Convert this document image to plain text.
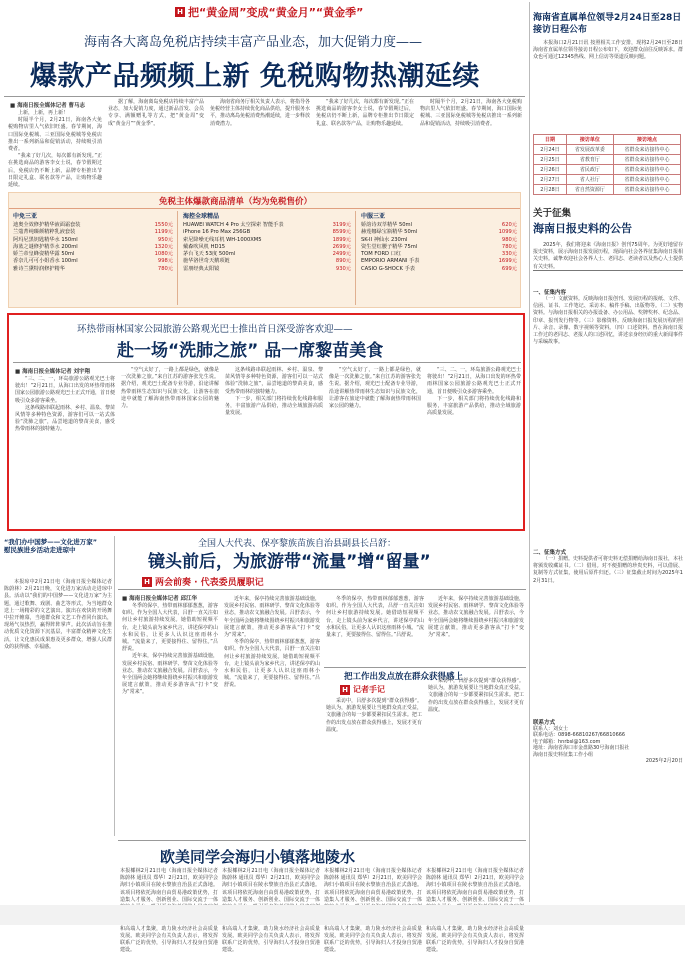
H 把“黄金周”变成“黄金月”“黄金季”
海南各大离岛免税店持续丰富产品业态，加大促销力度——
爆款产品频频上新 免税购物热潮延续
■ 海南日报全媒体记者 曹马志

上新，上新，再上新！

时隔半个月，2月21日，海南各大免税购物店里人气依旧旺盛。春节期间，海口国际免税城、三亚国际免税城等免税店推出一系列新品和促销活动，持续吸引消费者。

“我来了好几次，每次都有新发现。”正在挑选商品的游客李女士说，春节假期过后，免税店仍不断上新，品牌专柜推出节日限定礼盒、联名款等产品，让购物乐趣延续。

据了解，海南离岛免税店持续丰富产品业态，加大促销力度，通过新品首发、会员专享、满额赠礼等方式，把“黄金周”变成“黄金月”“黄金季”。

海南省商务厅相关负责人表示，将指导各免税经营主体持续优化商品供给，提升服务水平，推动离岛免税消费热潮延续，进一步释放消费潜力。

“我来了好几次，每次都有新发现。”正在挑选商品的游客李女士说，春节假期过后，免税店仍不断上新，品牌专柜推出节日限定礼盒、联名款等产品，让购物乐趣延续。

时隔半个月，2月21日，海南各大免税购物店里人气依旧旺盛。春节期间，海口国际免税城、三亚国际免税城等免税店推出一系列新品和促销活动，持续吸引消费者。

免税主体爆款商品清单（均为免税售价）
中免三亚
迪奥全效修护精华液面霜套装	1550元
兰蔻菁纯臻颜精粹乳液套装	1199元
阿玛尼黑钥匙精华水 150ml	950元
海蓝之谜修护精萃水 200ml	1320元
娇兰帝皇蜂姿精华露 50ml	1080元
香奈儿可可小姐香水 100ml	998元
雅诗兰黛特润修护精华	780元
海控全球精品
HUAWEI WATCH 4 Pro 太空探索 智能手表	3199元
iPhone 16 Pro Max 256GB	8599元
索尼降噪无线耳机 WH-1000XM5	1899元
戴森吹风机 HD15	2699元
茅台飞天 53度 500ml	2499元
施华洛世奇天鹅项链	890元
雷朋经典太阳镜	930元
中服三亚
娇韵诗双萃精华 50ml	620元
赫莲娜绿宝瓶精华 50ml	1099元
SK-II 神仙水 230ml	980元
资生堂红腰子精华 75ml	780元
TOM FORD 口红	330元
EMPORIO ARMANI 手表	1699元
CASIO G-SHOCK 手表	699元
海南省直属单位领导2月24日至28日接访日程公布
本报海口2月21日讯 按照相关工作安排，现将2月24日至28日海南省直属单位领导接访日程公布如下，欢迎群众前往反映诉求。群众也可通过12345热线、网上信访等渠道反映问题。
日期	接访单位	接访地点
2月24日	省发展改革委	省群众来访接待中心
2月25日	省教育厅	省群众来访接待中心
2月26日	省民政厅	省群众来访接待中心
2月27日	省人社厅	省群众来访接待中心
2月28日	省自然资源厅	省群众来访接待中心
关于征集
海南日报史料的公告
2025年，我们将迎来《海南日报》创刊75周年。为更好地留存报史资料，展示海南日报发展历程，现面向社会各界征集海南日报相关史料。诚挚欢迎社会各界人士、老同志、老读者以及热心人士提供有关史料。
一、征集内容
（一）文献资料。反映海南日报创刊、发展历程的报纸、文件、信函、证书、工作笔记、采访本、稿件手稿、出版物等。（二）实物资料。与海南日报相关的办报设备、办公用品、奖牌奖杯、纪念品、印章、报刊发行物等。（三）影像资料。反映海南日报发展历程的照片、录音、录像、数字视频等资料。（四）口述资料。曾在海南日报工作过的老同志、老报人的口述回忆，讲述亲身经历的重大新闻事件与采编故事。
二、征集方式
（一）捐赠。史料提供者可将史料无偿捐赠给海南日报社，本社将颁发收藏证书。（二）借用。对不便捐赠的珍贵史料，可以借展、复制等方式征集，使用后原件归还。（三）征集截止时间为2025年12月31日。
联系方式
联系人：刘女士
联系电话：0898-66810267/66810666
电子邮箱：hnrbsl@163.com
地址：海南省海口市金盘路30号海南日报社
海南日报史料征集工作小组
2025年2月20日
环热带雨林国家公园旅游公路观光巴士推出首日深受游客欢迎——
赴一场“洗肺之旅” 品一席黎苗美食
■ 海南日报全媒体记者 刘宇翔

“三、二、一，环岛旅游公路观光巴士将驶出！”2月21日，从海口出发的环热带雨林国家公园旅游公路观光巴士正式开通，首日便吸引众多游客乘坐。

这条线路串联起雨林、乡村、温泉、黎苗风情等多种特色资源，游客们可以一站式体验“洗肺之旅”，品尝地道的黎苗美食，感受热带雨林的独特魅力。

“空气太好了，一路上都是绿色，就像是一次洗肺之旅。”来自江苏的游客张先生说。据介绍，观光巴士配备专业导游，沿途讲解热带雨林生态知识与民族文化，让游客在旅途中就能了解海南热带雨林国家公园的魅力。

这条线路串联起雨林、乡村、温泉、黎苗风情等多种特色资源，游客们可以一站式体验“洗肺之旅”，品尝地道的黎苗美食，感受热带雨林的独特魅力。

下一步，相关部门将持续优化线路和服务，丰富旅游产品供给，推动全域旅游高质量发展。

“空气太好了，一路上都是绿色，就像是一次洗肺之旅。”来自江苏的游客张先生说。据介绍，观光巴士配备专业导游，沿途讲解热带雨林生态知识与民族文化，让游客在旅途中就能了解海南热带雨林国家公园的魅力。

“三、二、一，环岛旅游公路观光巴士将驶出！”2月21日，从海口出发的环热带雨林国家公园旅游公路观光巴士正式开通，首日便吸引众多游客乘坐。

下一步，相关部门将持续优化线路和服务，丰富旅游产品供给，推动全域旅游高质量发展。

“我们办中国梦——文化进万家”
慰民族进乡活动走进琼中
本报琼中2月21日电（海南日报全媒体记者 陈蔚林）2月21日晚，文化进万家活动走进琼中县。活动以“我们的中国梦——文化进万家”为主题，通过歌舞、戏剧、曲艺等形式，为当地群众送上一场精彩的文艺演出。演出在欢快的开场舞中拉开帷幕，当地群众和文艺工作者同台演出，现场气氛热烈，赢得阵阵掌声。此次活动旨在推动优质文化资源下沉基层，丰富群众精神文化生活，让文化惠民成果惠及更多群众，增强人民群众的获得感、幸福感。
全国人大代表、保亭黎族苗族自治县副县长吕舒：
镜头前后，为旅游带“流量”增“留量”
H 两会前奏 · 代表委员履职记
■ 海南日报全媒体记者 邱江华

冬季的保亭，热带雨林郁郁葱葱，游客如织。作为全国人大代表，吕舒一直关注如何让乡村旅游持续发展。她借助短视频平台，走上镜头前为家乡代言，讲述保亭的山水和民俗，让更多人认识这座雨林小城。“流量来了，更要接得住、留得住。”吕舒说。

近年来，保亭持续完善旅游基础设施，发展乡村民宿、雨林研学、黎苗文化体验等业态，推动农文旅融合发展。吕舒表示，今年全国两会她将继续围绕乡村振兴和旅游发展建言献策，推动更多游客从“打卡”变为“常来”。

近年来，保亭持续完善旅游基础设施，发展乡村民宿、雨林研学、黎苗文化体验等业态，推动农文旅融合发展。吕舒表示，今年全国两会她将继续围绕乡村振兴和旅游发展建言献策，推动更多游客从“打卡”变为“常来”。

冬季的保亭，热带雨林郁郁葱葱，游客如织。作为全国人大代表，吕舒一直关注如何让乡村旅游持续发展。她借助短视频平台，走上镜头前为家乡代言，讲述保亭的山水和民俗，让更多人认识这座雨林小城。“流量来了，更要接得住、留得住。”吕舒说。

冬季的保亭，热带雨林郁郁葱葱，游客如织。作为全国人大代表，吕舒一直关注如何让乡村旅游持续发展。她借助短视频平台，走上镜头前为家乡代言，讲述保亭的山水和民俗，让更多人认识这座雨林小城。“流量来了，更要接得住、留得住。”吕舒说。

近年来，保亭持续完善旅游基础设施，发展乡村民宿、雨林研学、黎苗文化体验等业态，推动农文旅融合发展。吕舒表示，今年全国两会她将继续围绕乡村振兴和旅游发展建言献策，推动更多游客从“打卡”变为“常来”。

把工作出发点放在群众获得感上
H 记者手记

采访中，吕舒多次提到“群众获得感”。她认为，旅游发展要让当地群众真正受益，文旅融合的每一步都要紧扣民生需求。把工作的出发点放在群众获得感上，发展才更有温度。

采访中，吕舒多次提到“群众获得感”。她认为，旅游发展要让当地群众真正受益，文旅融合的每一步都要紧扣民生需求。把工作的出发点放在群众获得感上，发展才更有温度。

欧美同学会海归小镇落地陵水
本报椰林2月21日电（海南日报全媒体记者 陈蔚林 通讯员 郑华）2月21日，欧美同学会海归小镇项目在陵水黎族自治县正式落地。该项目将依托海南自由贸易港政策优势，打造集人才服务、创新创业、国际交流于一体 和高端人才集聚，助力陵水经济社会高质量发展。欧美同学会有关负责人表示，将发挥联系广泛的优势，引导海归人才投身自贸港建设。
本报椰林2月21日电（海南日报全媒体记者 陈蔚林 通讯员 郑华）2月21日，欧美同学会海归小镇项目在陵水黎族自治县正式落地。该项目将依托海南自由贸易港政策优势，打造集人才服务、创新创业、国际交流于一体 和高端人才集聚，助力陵水经济社会高质量发展。欧美同学会有关负责人表示，将发挥联系广泛的优势，引导海归人才投身自贸港建设。
本报椰林2月21日电（海南日报全媒体记者 陈蔚林 通讯员 郑华）2月21日，欧美同学会海归小镇项目在陵水黎族自治县正式落地。该项目将依托海南自由贸易港政策优势，打造集人才服务、创新创业、国际交流于一体 和高端人才集聚，助力陵水经济社会高质量发展。欧美同学会有关负责人表示，将发挥联系广泛的优势，引导海归人才投身自贸港建设。
本报椰林2月21日电（海南日报全媒体记者 陈蔚林 通讯员 郑华）2月21日，欧美同学会海归小镇项目在陵水黎族自治县正式落地。该项目将依托海南自由贸易港政策优势，打造集人才服务、创新创业、国际交流于一体 和高端人才集聚，助力陵水经济社会高质量发展。欧美同学会有关负责人表示，将发挥联系广泛的优势，引导海归人才投身自贸港建设。
